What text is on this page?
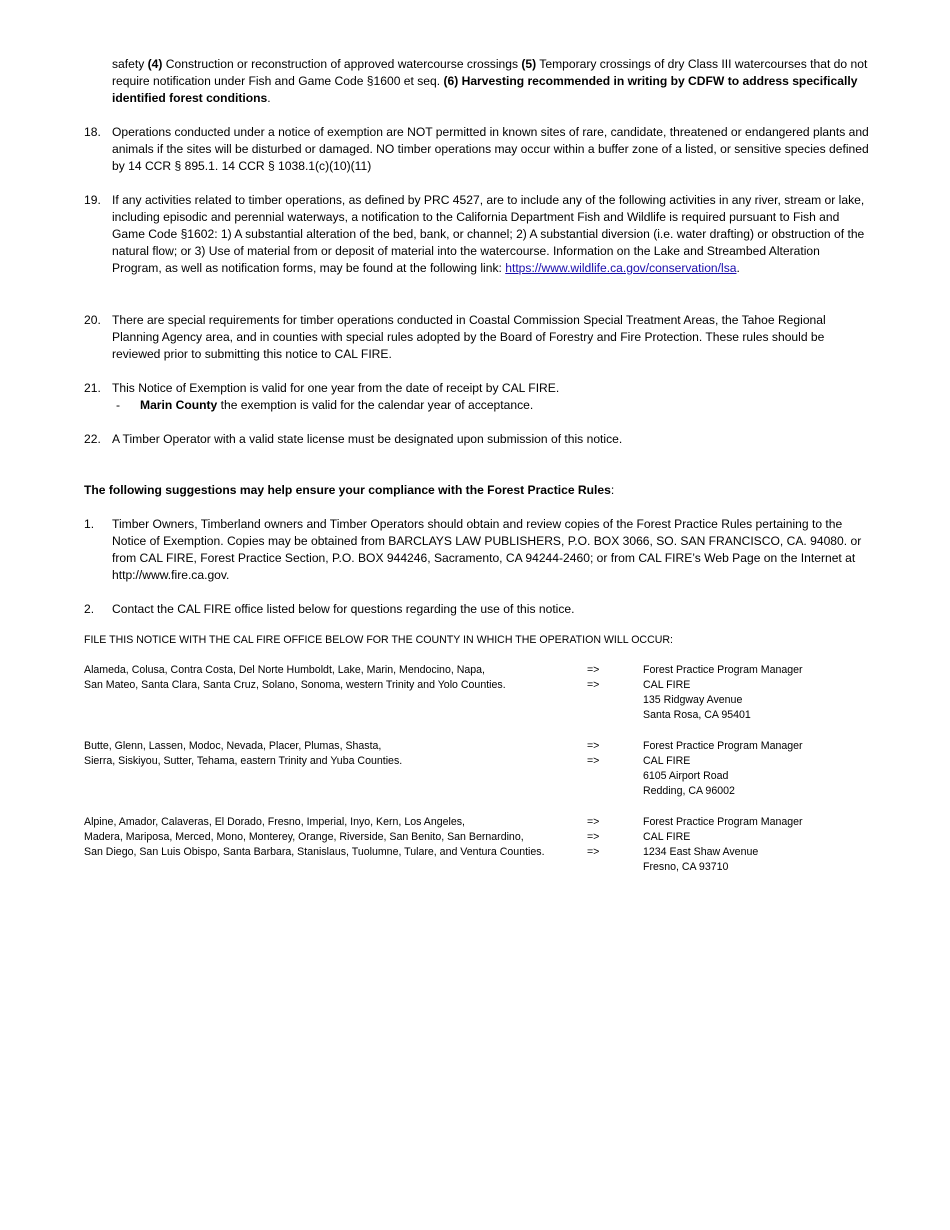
safety (4) Construction or reconstruction of approved watercourse crossings (5) Temporary crossings of dry Class III watercourses that do not require notification under Fish and Game Code §1600 et seq. (6) Harvesting recommended in writing by CDFW to address specifically identified forest conditions.
18. Operations conducted under a notice of exemption are NOT permitted in known sites of rare, candidate, threatened or endangered plants and animals if the sites will be disturbed or damaged. NO timber operations may occur within a buffer zone of a listed, or sensitive species defined by 14 CCR § 895.1. 14 CCR § 1038.1(c)(10)(11)
19. If any activities related to timber operations, as defined by PRC 4527, are to include any of the following activities in any river, stream or lake, including episodic and perennial waterways, a notification to the California Department Fish and Wildlife is required pursuant to Fish and Game Code §1602: 1) A substantial alteration of the bed, bank, or channel; 2) A substantial diversion (i.e. water drafting) or obstruction of the natural flow; or 3) Use of material from or deposit of material into the watercourse. Information on the Lake and Streambed Alteration Program, as well as notification forms, may be found at the following link: https://www.wildlife.ca.gov/conservation/lsa.
20. There are special requirements for timber operations conducted in Coastal Commission Special Treatment Areas, the Tahoe Regional Planning Agency area, and in counties with special rules adopted by the Board of Forestry and Fire Protection. These rules should be reviewed prior to submitting this notice to CAL FIRE.
21. This Notice of Exemption is valid for one year from the date of receipt by CAL FIRE.
- Marin County the exemption is valid for the calendar year of acceptance.
22. A Timber Operator with a valid state license must be designated upon submission of this notice.
The following suggestions may help ensure your compliance with the Forest Practice Rules:
1. Timber Owners, Timberland owners and Timber Operators should obtain and review copies of the Forest Practice Rules pertaining to the Notice of Exemption. Copies may be obtained from BARCLAYS LAW PUBLISHERS, P.O. BOX 3066, SO. SAN FRANCISCO, CA. 94080. or from CAL FIRE, Forest Practice Section, P.O. BOX 944246, Sacramento, CA 94244-2460; or from CAL FIRE’s Web Page on the Internet at http://www.fire.ca.gov.
2. Contact the CAL FIRE office listed below for questions regarding the use of this notice.
FILE THIS NOTICE WITH THE CAL FIRE OFFICE BELOW FOR THE COUNTY IN WHICH THE OPERATION WILL OCCUR:
Alameda, Colusa, Contra Costa, Del Norte Humboldt, Lake, Marin, Mendocino, Napa,
San Mateo, Santa Clara, Santa Cruz, Solano, Sonoma, western Trinity and Yolo Counties.
=>
=>
Forest Practice Program Manager
CAL FIRE
135 Ridgway Avenue
Santa Rosa, CA 95401
Butte, Glenn, Lassen, Modoc, Nevada, Placer, Plumas, Shasta,
Sierra, Siskiyou, Sutter, Tehama, eastern Trinity and Yuba Counties.
=>
=>
Forest Practice Program Manager
CAL FIRE
6105 Airport Road
Redding, CA 96002
Alpine, Amador, Calaveras, El Dorado, Fresno, Imperial, Inyo, Kern, Los Angeles,
Madera, Mariposa, Merced, Mono, Monterey, Orange, Riverside, San Benito, San Bernardino,
San Diego, San Luis Obispo, Santa Barbara, Stanislaus, Tuolumne, Tulare, and Ventura Counties.
=>
=>
=>
Forest Practice Program Manager
CAL FIRE
1234 East Shaw Avenue
Fresno, CA 93710
